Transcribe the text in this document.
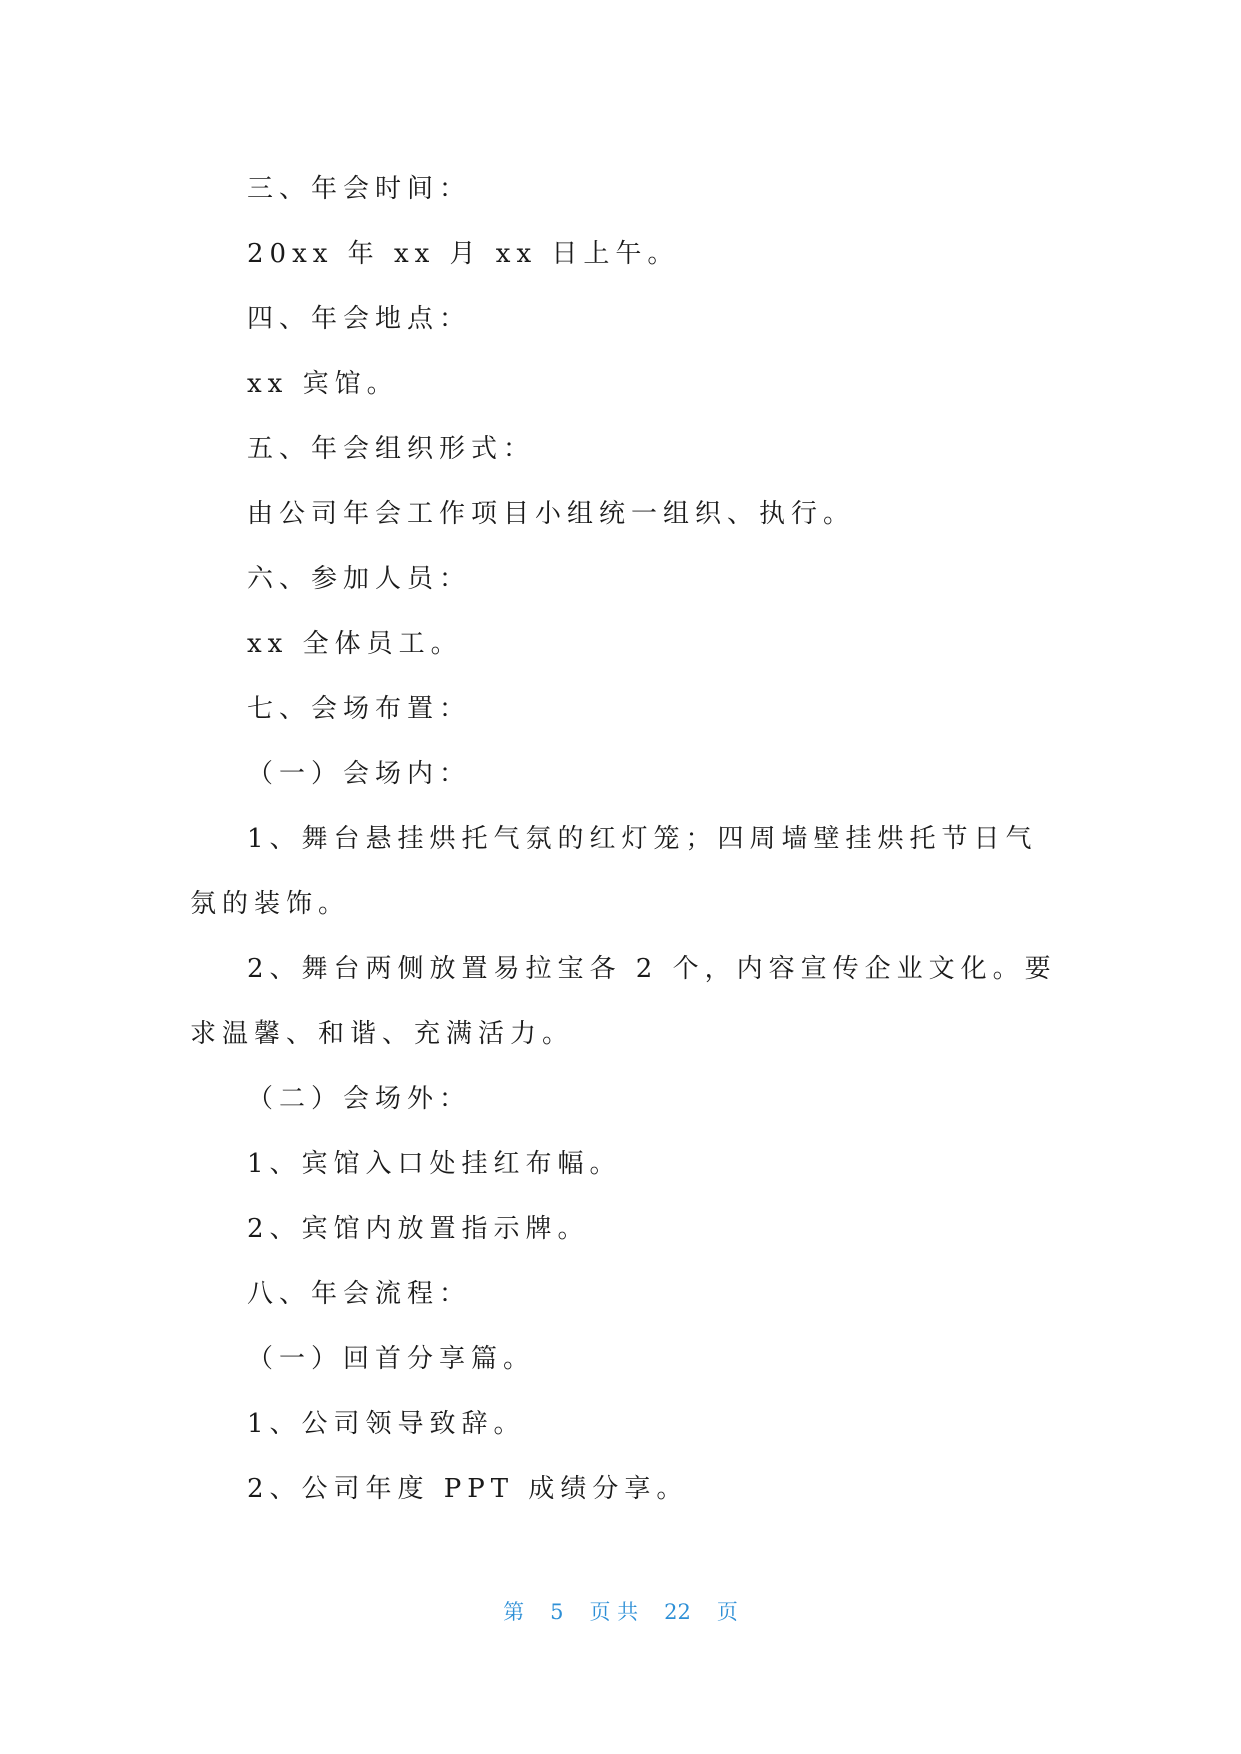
三、年会时间：

20xx 年 xx 月 xx 日上午。

四、年会地点：

xx 宾馆。

五、年会组织形式：

由公司年会工作项目小组统一组织、执行。

六、参加人员：

xx 全体员工。

七、会场布置：

（一）会场内：

1、舞台悬挂烘托气氛的红灯笼；四周墙壁挂烘托节日气氛的装饰。

2、舞台两侧放置易拉宝各 2 个，内容宣传企业文化。要求温馨、和谐、充满活力。

（二）会场外：

1、宾馆入口处挂红布幅。

2、宾馆内放置指示牌。

八、年会流程：

（一）回首分享篇。

1、公司领导致辞。

2、公司年度 PPT 成绩分享。

第 5 页 共 22 页
